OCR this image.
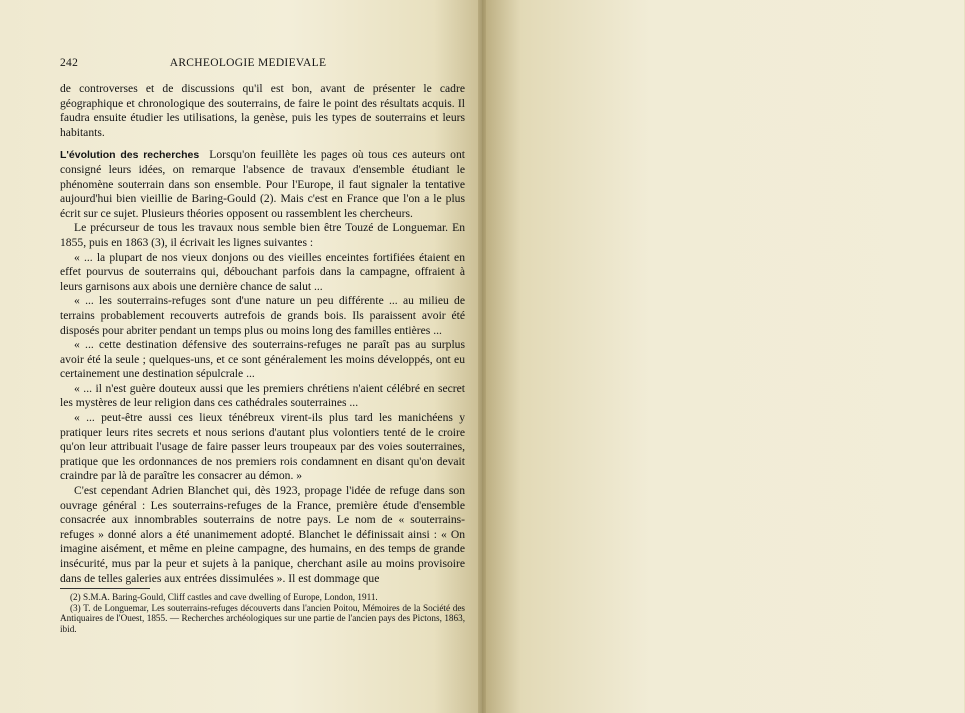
242	ARCHEOLOGIE MEDIEVALE

de controverses et de discussions qu'il est bon, avant de présenter le cadre géographique et chronologique des souterrains, de faire le point des résultats acquis. Il faudra ensuite étudier les utilisations, la genèse, puis les types de souterrains et leurs habitants.

L'évolution des recherches Lorsqu'on feuillète les pages où tous ces auteurs ont consigné leurs idées, on remarque l'absence de travaux d'ensemble étudiant le phénomène souterrain dans son ensemble. Pour l'Europe, il faut signaler la tentative aujourd'hui bien vieillie de Baring-Gould (2). Mais c'est en France que l'on a le plus écrit sur ce sujet. Plusieurs théories opposent ou rassemblent les chercheurs.

Le précurseur de tous les travaux nous semble bien être Touzé de Longuemar. En 1855, puis en 1863 (3), il écrivait les lignes suivantes :

« ... la plupart de nos vieux donjons ou des vieilles enceintes fortifiées étaient en effet pourvus de souterrains qui, débouchant parfois dans la campagne, offraient à leurs garnisons aux abois une dernière chance de salut ...

« ... les souterrains-refuges sont d'une nature un peu différente ... au milieu de terrains probablement recouverts autrefois de grands bois. Ils paraissent avoir été disposés pour abriter pendant un temps plus ou moins long des familles entières ...

« ... cette destination défensive des souterrains-refuges ne paraît pas au surplus avoir été la seule ; quelques-uns, et ce sont généralement les moins développés, ont eu certainement une destination sépulcrale ...

« ... il n'est guère douteux aussi que les premiers chrétiens n'aient célébré en secret les mystères de leur religion dans ces cathédrales souterraines ...

« ... peut-être aussi ces lieux ténébreux virent-ils plus tard les manichéens y pratiquer leurs rites secrets et nous serions d'autant plus volontiers tenté de le croire qu'on leur attribuait l'usage de faire passer leurs troupeaux par des voies souterraines, pratique que les ordonnances de nos premiers rois condamnent en disant qu'on devait craindre par là de paraître les consacrer au démon. »

C'est cependant Adrien Blanchet qui, dès 1923, propage l'idée de refuge dans son ouvrage général : Les souterrains-refuges de la France, première étude d'ensemble consacrée aux innombrables souterrains de notre pays. Le nom de « souterrains-refuges » donné alors a été unanimement adopté. Blanchet le définissait ainsi : « On imagine aisément, et même en pleine campagne, des humains, en des temps de grande insécurité, mus par la peur et sujets à la panique, cherchant asile au moins provisoire dans de telles galeries aux entrées dissimulées ». Il est dommage que

(2) S.M.A. Baring-Gould, Cliff castles and cave dwelling of Europe, London, 1911.

(3) T. de Longuemar, Les souterrains-refuges découverts dans l'ancien Poitou, Mémoires de la Société des Antiquaires de l'Ouest, 1855. — Recherches archéologiques sur une partie de l'ancien pays des Pictons, 1863, ibid.
